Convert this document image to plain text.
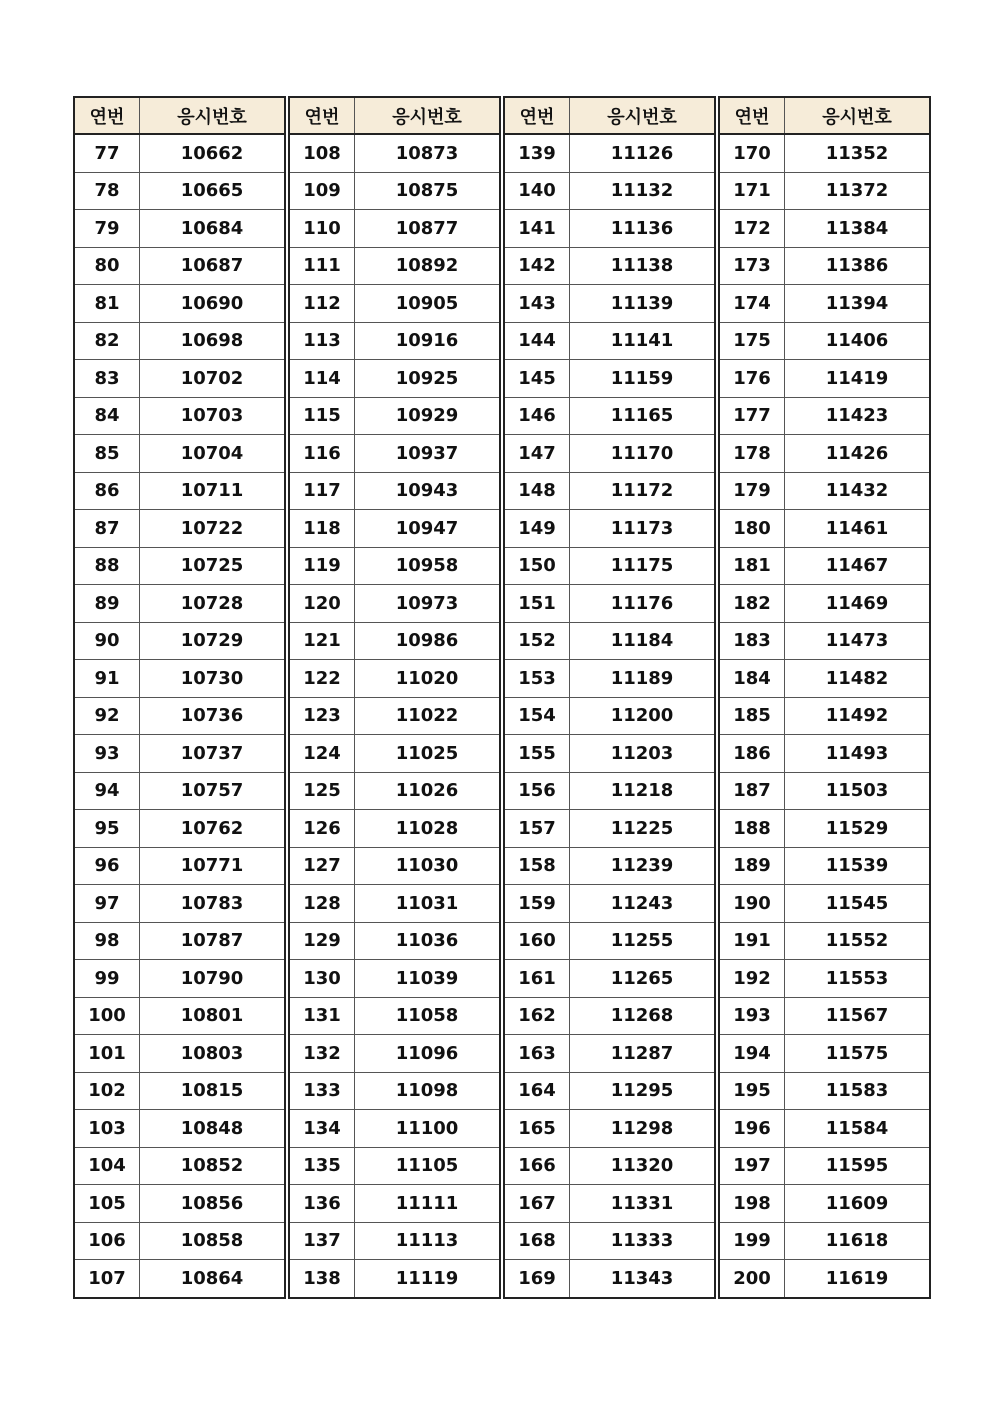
연번	응시번호
77	10662
78	10665
79	10684
80	10687
81	10690
82	10698
83	10702
84	10703
85	10704
86	10711
87	10722
88	10725
89	10728
90	10729
91	10730
92	10736
93	10737
94	10757
95	10762
96	10771
97	10783
98	10787
99	10790
100	10801
101	10803
102	10815
103	10848
104	10852
105	10856
106	10858
107	10864
연번	응시번호
108	10873
109	10875
110	10877
111	10892
112	10905
113	10916
114	10925
115	10929
116	10937
117	10943
118	10947
119	10958
120	10973
121	10986
122	11020
123	11022
124	11025
125	11026
126	11028
127	11030
128	11031
129	11036
130	11039
131	11058
132	11096
133	11098
134	11100
135	11105
136	11111
137	11113
138	11119
연번	응시번호
139	11126
140	11132
141	11136
142	11138
143	11139
144	11141
145	11159
146	11165
147	11170
148	11172
149	11173
150	11175
151	11176
152	11184
153	11189
154	11200
155	11203
156	11218
157	11225
158	11239
159	11243
160	11255
161	11265
162	11268
163	11287
164	11295
165	11298
166	11320
167	11331
168	11333
169	11343
연번	응시번호
170	11352
171	11372
172	11384
173	11386
174	11394
175	11406
176	11419
177	11423
178	11426
179	11432
180	11461
181	11467
182	11469
183	11473
184	11482
185	11492
186	11493
187	11503
188	11529
189	11539
190	11545
191	11552
192	11553
193	11567
194	11575
195	11583
196	11584
197	11595
198	11609
199	11618
200	11619
